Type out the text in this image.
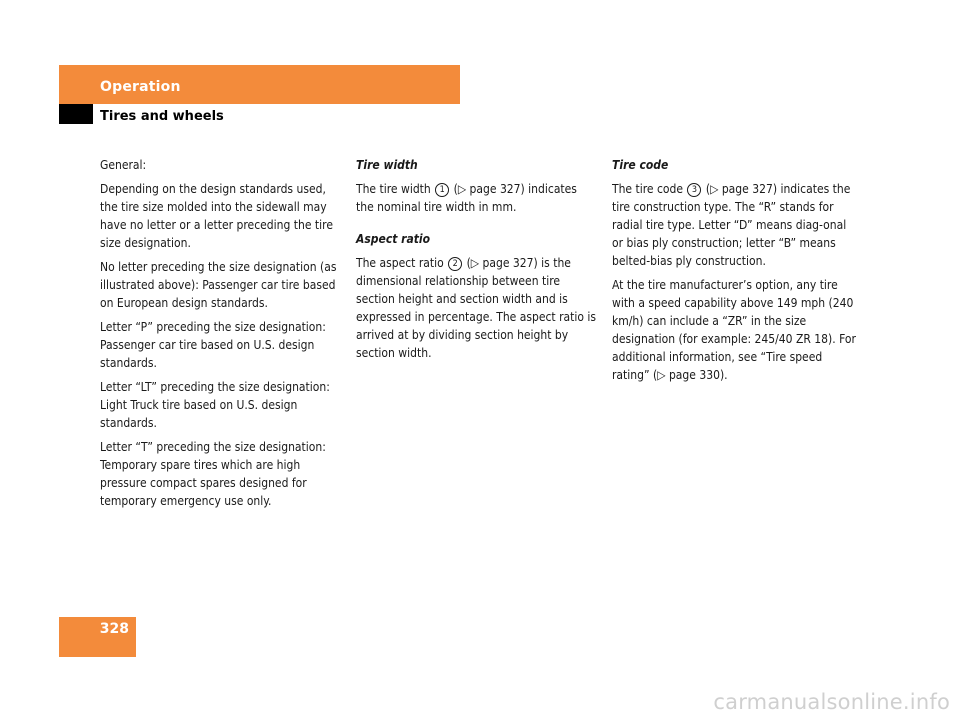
Operation
Tires and wheels

General:

Depending on the design standards used, the tire size molded into the sidewall may have no letter or a letter preceding the tire size designation.

No letter preceding the size designation (as illustrated above): Passenger car tire based on European design standards.

Letter “P” preceding the size designation: Passenger car tire based on U.S. design standards.

Letter “LT” preceding the size designation: Light Truck tire based on U.S. design standards.

Letter “T” preceding the size designation: Temporary spare tires which are high pressure compact spares designed for temporary emergency use only.

Tire width

The tire width 1 (▷ page 327) indicates the nominal tire width in mm.

Aspect ratio

The aspect ratio 2 (▷ page 327) is the dimensional relationship between tire section height and section width and is expressed in percentage. The aspect ratio is arrived at by dividing section height by section width.

Tire code

The tire code 3 (▷ page 327) indicates the tire construction type. The “R” stands for radial tire type. Letter “D” means diag-onal or bias ply construction; letter “B” means belted-bias ply construction.

At the tire manufacturer’s option, any tire with a speed capability above 149 mph (240 km/h) can include a “ZR” in the size designation (for example: 245/40 ZR 18). For additional information, see “Tire speed rating” (▷ page 330).

328
carmanualsonline.info
